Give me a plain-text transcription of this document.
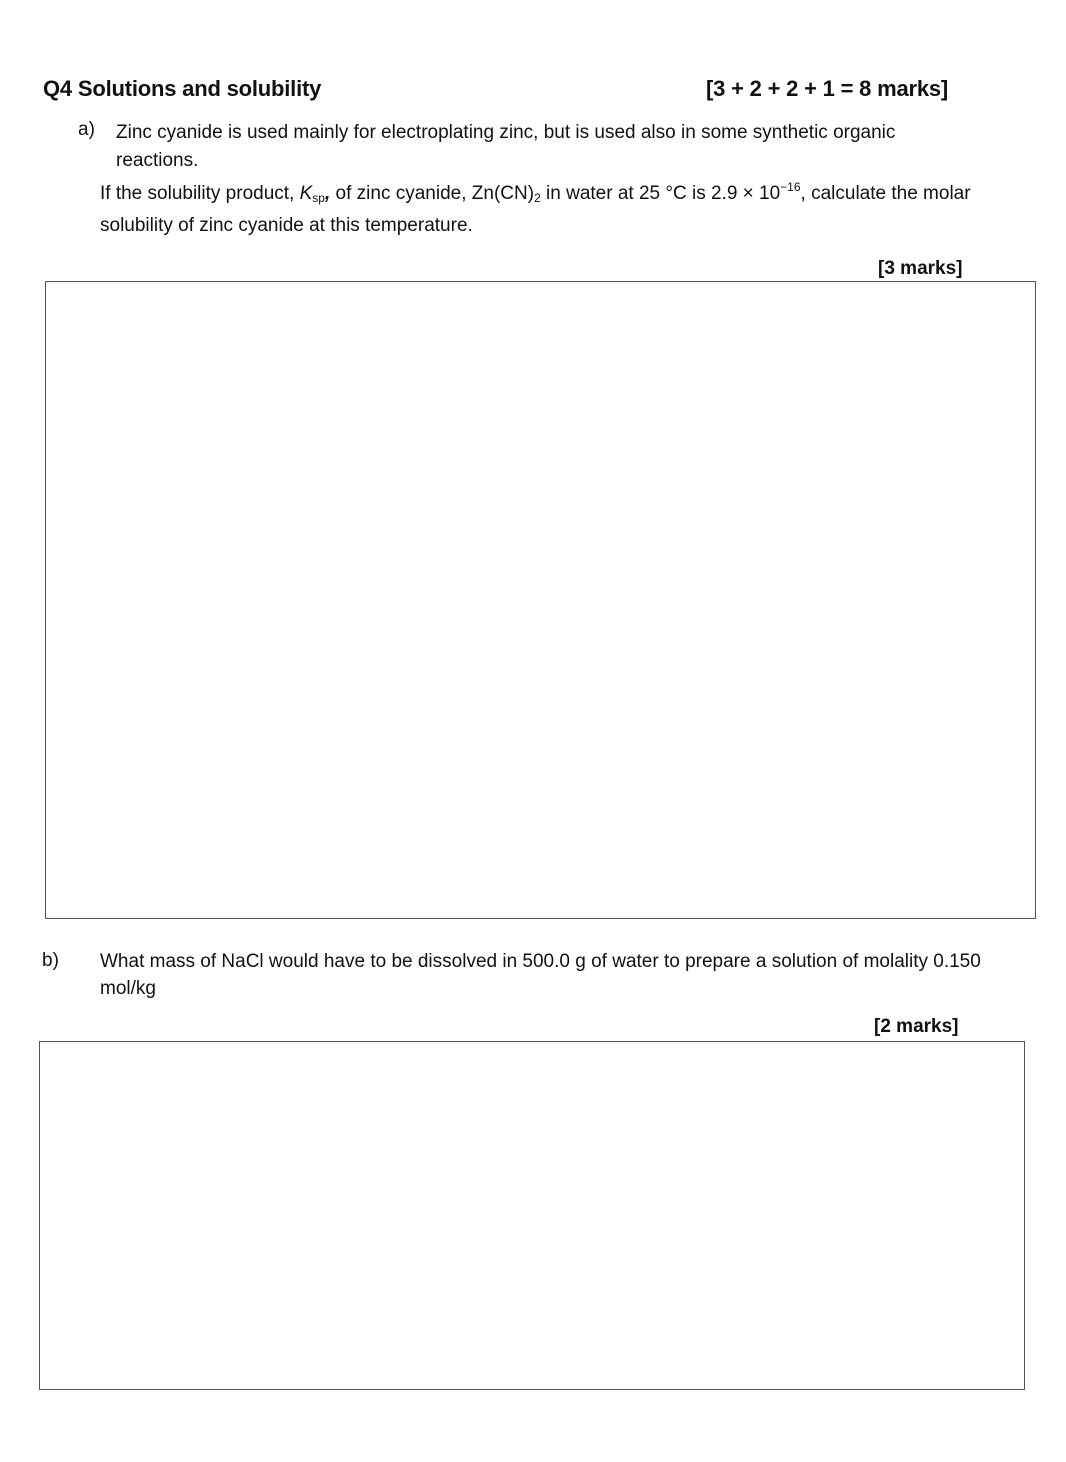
Q4 Solutions and solubility	[3 + 2 + 2 + 1 = 8 marks]
a) Zinc cyanide is used mainly for electroplating zinc, but is used also in some synthetic organic reactions.
If the solubility product, $K_{sp}$, of zinc cyanide, $Zn(CN)_2$ in water at 25 °C is $2.9 \times 10^{-16}$, calculate the molar solubility of zinc cyanide at this temperature.
[3 marks]
b) What mass of NaCl would have to be dissolved in 500.0 g of water to prepare a solution of molality 0.150 mol/kg
[2 marks]
